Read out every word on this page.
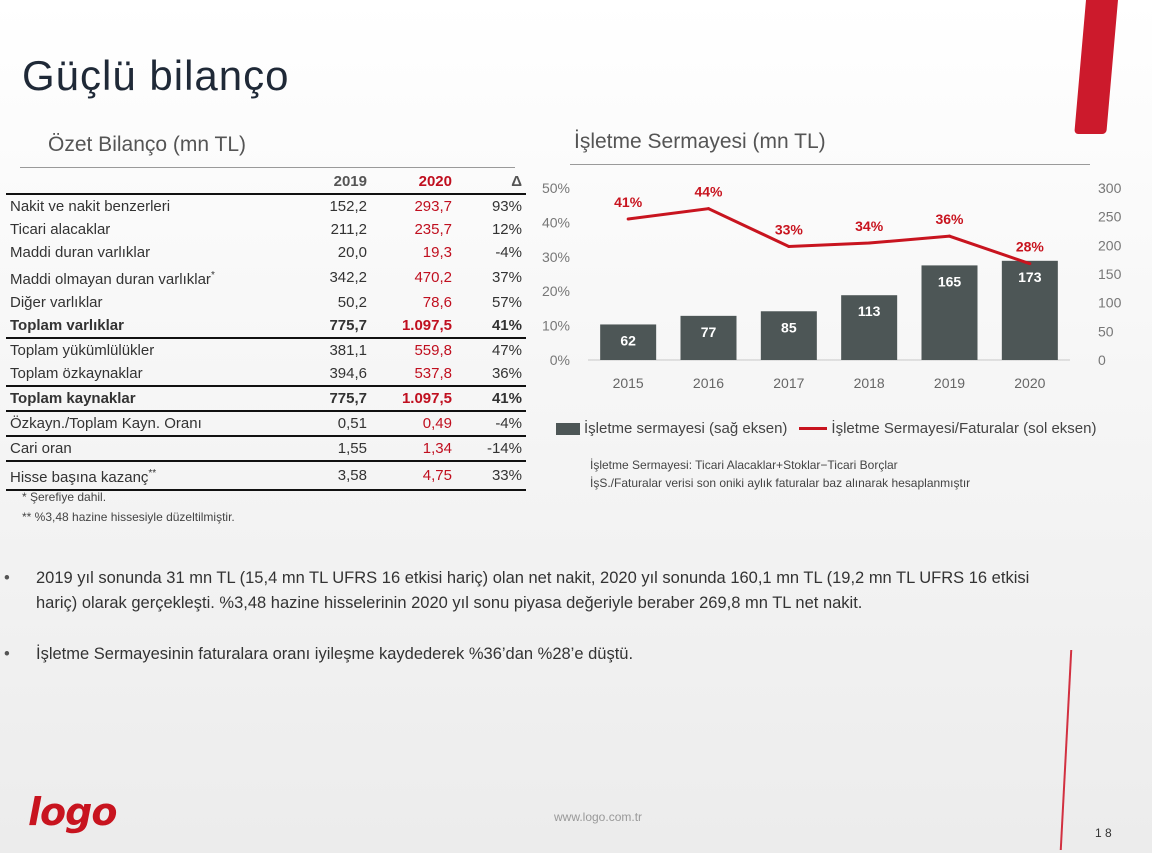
Güçlü bilanço
Özet Bilanço (mn TL)
	2019	2020	Δ
Nakit ve nakit benzerleri	152,2	293,7	93%
Ticari alacaklar	211,2	235,7	12%
Maddi duran varlıklar	20,0	19,3	-4%
Maddi olmayan duran varlıklar*	342,2	470,2	37%
Diğer varlıklar	50,2	78,6	57%
Toplam varlıklar	775,7	1.097,5	41%
Toplam yükümlülükler	381,1	559,8	47%
Toplam özkaynaklar	394,6	537,8	36%
Toplam kaynaklar	775,7	1.097,5	41%
Özkayn./Toplam Kayn. Oranı	0,51	0,49	-4%
Cari oran	1,55	1,34	-14%
Hisse başına kazanç**	3,58	4,75	33%
* Şerefiye dahil.
** %3,48 hazine hissesiyle düzeltilmiştir.
İşletme Sermayesi (mn TL)
0%
10%
20%
30%
40%
50%
0
50
100
150
200
250
300
62
77	85
113
165	173
41%
44%
33%	34%	36%
28%
2015	2016	2017	2018	2019	2020
İşletme sermayesi (sağ eksen)	İşletme Sermayesi/Faturalar (sol eksen)
İşletme Sermayesi: Ticari Alacaklar+Stoklar−Ticari Borçlar
İşS./Faturalar verisi son oniki aylık faturalar baz alınarak hesaplanmıştır
• 2019 yıl sonunda 31 mn TL (15,4 mn TL UFRS 16 etkisi hariç) olan net nakit, 2020 yıl sonunda 160,1 mn TL (19,2 mn TL UFRS 16 etkisi hariç) olarak gerçekleşti. %3,48 hazine hisselerinin 2020 yıl sonu piyasa değeriyle beraber 269,8 mn TL net nakit.
• İşletme Sermayesinin faturalara oranı iyileşme kaydederek %36’dan %28’e düştü.
logo	www.logo.com.tr
1 8
